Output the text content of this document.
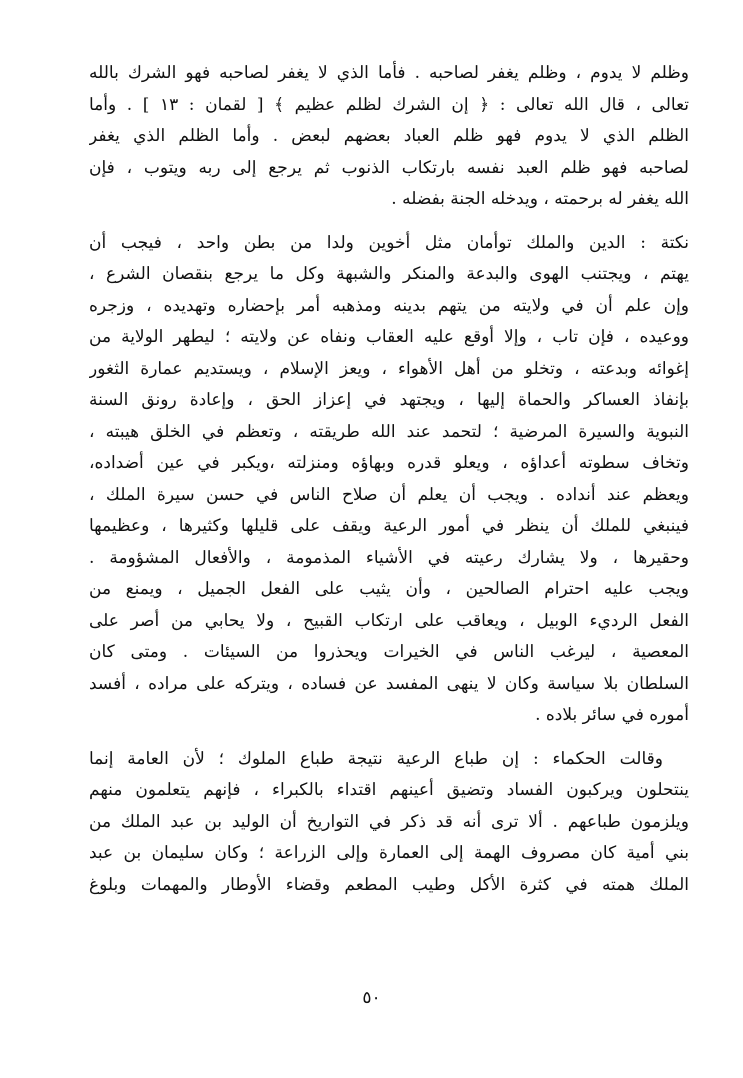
وظلم لا يدوم ، وظلم يغفر لصاحبه . فأما الذي لا يغفر لصاحبه فهو الشرك بالله
تعالى ، قال الله تعالى : ﴿ إن الشرك لظلم عظيم ﴾ [ لقمان : ١٣ ] . وأما
الظلم الذي لا يدوم فهو ظلم العباد بعضهم لبعض . وأما الظلم الذي يغفر
لصاحبه فهو ظلم العبد نفسه بارتكاب الذنوب ثم يرجع إلى ربه ويتوب ، فإن
الله يغفر له برحمته ، ويدخله الجنة بفضله .

نكتة : الدين والملك توأمان مثل أخوين ولدا من بطن واحد ، فيجب أن
يهتم ، ويجتنب الهوى والبدعة والمنكر والشبهة وكل ما يرجع بنقصان الشرع ،
وإن علم أن في ولايته من يتهم بدينه ومذهبه أمر بإحضاره وتهديده ، وزجره
ووعيده ، فإن تاب ، وإلا أوقع عليه العقاب ونفاه عن ولايته ؛ ليطهر الولاية من
إغوائه وبدعته ، وتخلو من أهل الأهواء ، ويعز الإسلام ، ويستديم عمارة الثغور
بإنفاذ العساكر والحماة إليها ، ويجتهد في إعزاز الحق ، وإعادة رونق السنة
النبوية والسيرة المرضية ؛ لتحمد عند الله طريقته ، وتعظم في الخلق هيبته ،
وتخاف سطوته أعداؤه ، ويعلو قدره وبهاؤه ومنزلته ،ويكبر في عين أضداده،
ويعظم عند أنداده . ويجب أن يعلم أن صلاح الناس في حسن سيرة الملك ،
فينبغي للملك أن ينظر في أمور الرعية ويقف على قليلها وكثيرها ، وعظيمها
وحقيرها ، ولا يشارك رعيته في الأشياء المذمومة ، والأفعال المشؤومة .
ويجب عليه احترام الصالحين ، وأن يثيب على الفعل الجميل ، ويمنع من
الفعل الرديء الوبيل ، ويعاقب على ارتكاب القبيح ، ولا يحابي من أصر على
المعصية ، ليرغب الناس في الخيرات ويحذروا من السيئات . ومتى كان
السلطان بلا سياسة وكان لا ينهى المفسد عن فساده ، ويتركه على مراده ، أفسد
أموره في سائر بلاده .

وقالت الحكماء : إن طباع الرعية نتيجة طباع الملوك ؛ لأن العامة إنما
ينتحلون ويركبون الفساد وتضيق أعينهم اقتداء بالكبراء ، فإنهم يتعلمون منهم
ويلزمون طباعهم . ألا ترى أنه قد ذكر في التواريخ أن الوليد بن عبد الملك من
بني أمية كان مصروف الهمة إلى العمارة وإلى الزراعة ؛ وكان سليمان بن عبد
الملك همته في كثرة الأكل وطيب المطعم وقضاء الأوطار والمهمات وبلوغ

٥٠
